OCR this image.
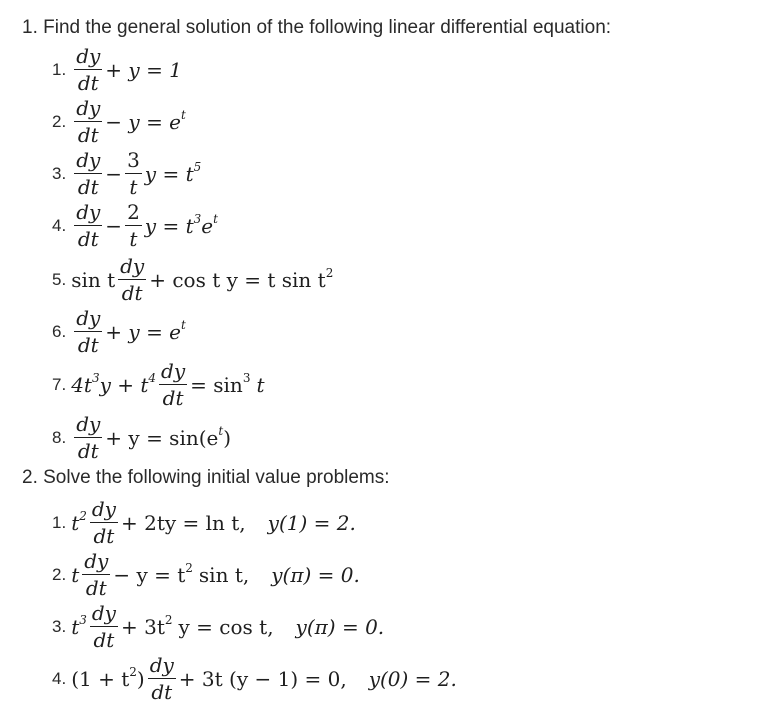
1. Find the general solution of the following linear differential equation:
1. $\frac{dy}{dt} + y = 1$
2. $\frac{dy}{dt} - y = e^t$
3. $\frac{dy}{dt} - \frac{3}{t}$ $y = t^5$
4. $\frac{dy}{dt} - \frac{2}{t}$ $y = t^3e^t$
5. sin t $\frac{dy}{dt} + \cos t$ y = t $\sin t^2$
6. $\frac{dy}{dt} + y = e^t$
7. $4t^3y + t^4 \frac{dy}{dt} = \sin^3 t$
8. $\frac{dy}{dt} + y = \sin(e^t)$
2. Solve the following initial value problems:
1. $t^2 \frac{dy}{dt} + 2ty = \ln t$, y(1) = 2.
2. t $\frac{dy}{dt} - y = t^2$ sin t, y(π) = 0.
3. $t^3 \frac{dy}{dt} + 3t^2$ y = cos t, y(π) = 0.
4. $(1 + t^2) \frac{dy}{dt} + 3t$ (y − 1) = 0, y(0) = 2.
